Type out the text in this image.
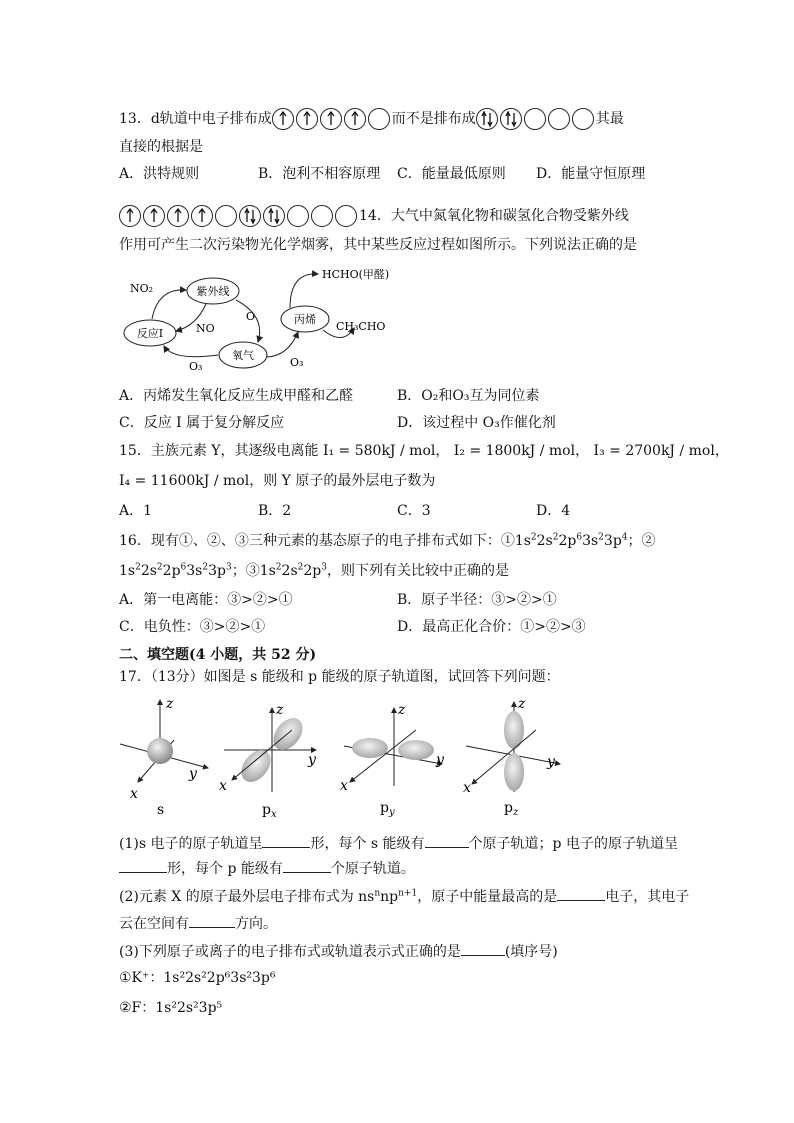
13．d轨道中电子排布成	而不是排布成	其最
直接的根据是
A．洪特规则	B．泡利不相容原理 C．能量最低原则 D．能量守恒原理
14．大气中氮氧化物和碳氢化合物受紫外线
作用可产生二次污染物光化学烟雾，其中某些反应过程如图所示。下列说法正确的是
NO₂	紫外线
O
NO
反应Ⅰ
氧气
O₃	O₃
丙烯
HCHO(甲醛)
CH₃CHO
A．丙烯发生氧化反应生成甲醛和乙醛	B．O₂和O₃互为同位素
C．反应 I 属于复分解反应	D．该过程中 O₃作催化剂
15．主族元素 Y，其逐级电离能 I₁ = 580kJ / mol， I₂ = 1800kJ / mol， I₃ = 2700kJ / mol，
I₄ = 11600kJ / mol，则 Y 原子的最外层电子数为
A．1	B．2	C．3	D．4
16．现有①、②、③三种元素的基态原子的电子排布式如下：$①1s^22s^22p^63s^23p^4$；②
$1s^22s^22p^63s^23p^3$；$③1s^22s^22p^3$，则下列有关比较中正确的是
A．第一电离能：③>②>①	B．原子半径：③>②>①
C．电负性：③>②>①	D．最高正化合价：①>②>③
二、填空题(4 小题，共 52 分)
17．（13分）如图是 s 能级和 p 能级的原子轨道图，试回答下列问题：
z
y
x
s
z
y
x
$p_x$
z
y
x
$p_y$
z
y
x
$p_z$
(1)s 电子的原子轨道呈	形，每个 s 能级有	个原子轨道；p 电子的原子轨道呈
形，每个 p 能级有	个原子轨道。
(2)元素 X 的原子最外层电子排布式为 $ns^nnp^{n+1}$，原子中能量最高的是	电子，其电子
云在空间有	方向。
(3)下列原子或离子的电子排布式或轨道表示式正确的是	(填序号)
①K⁺：1s²2s²2p⁶3s²3p⁶
②F：1s²2s²3p⁵
